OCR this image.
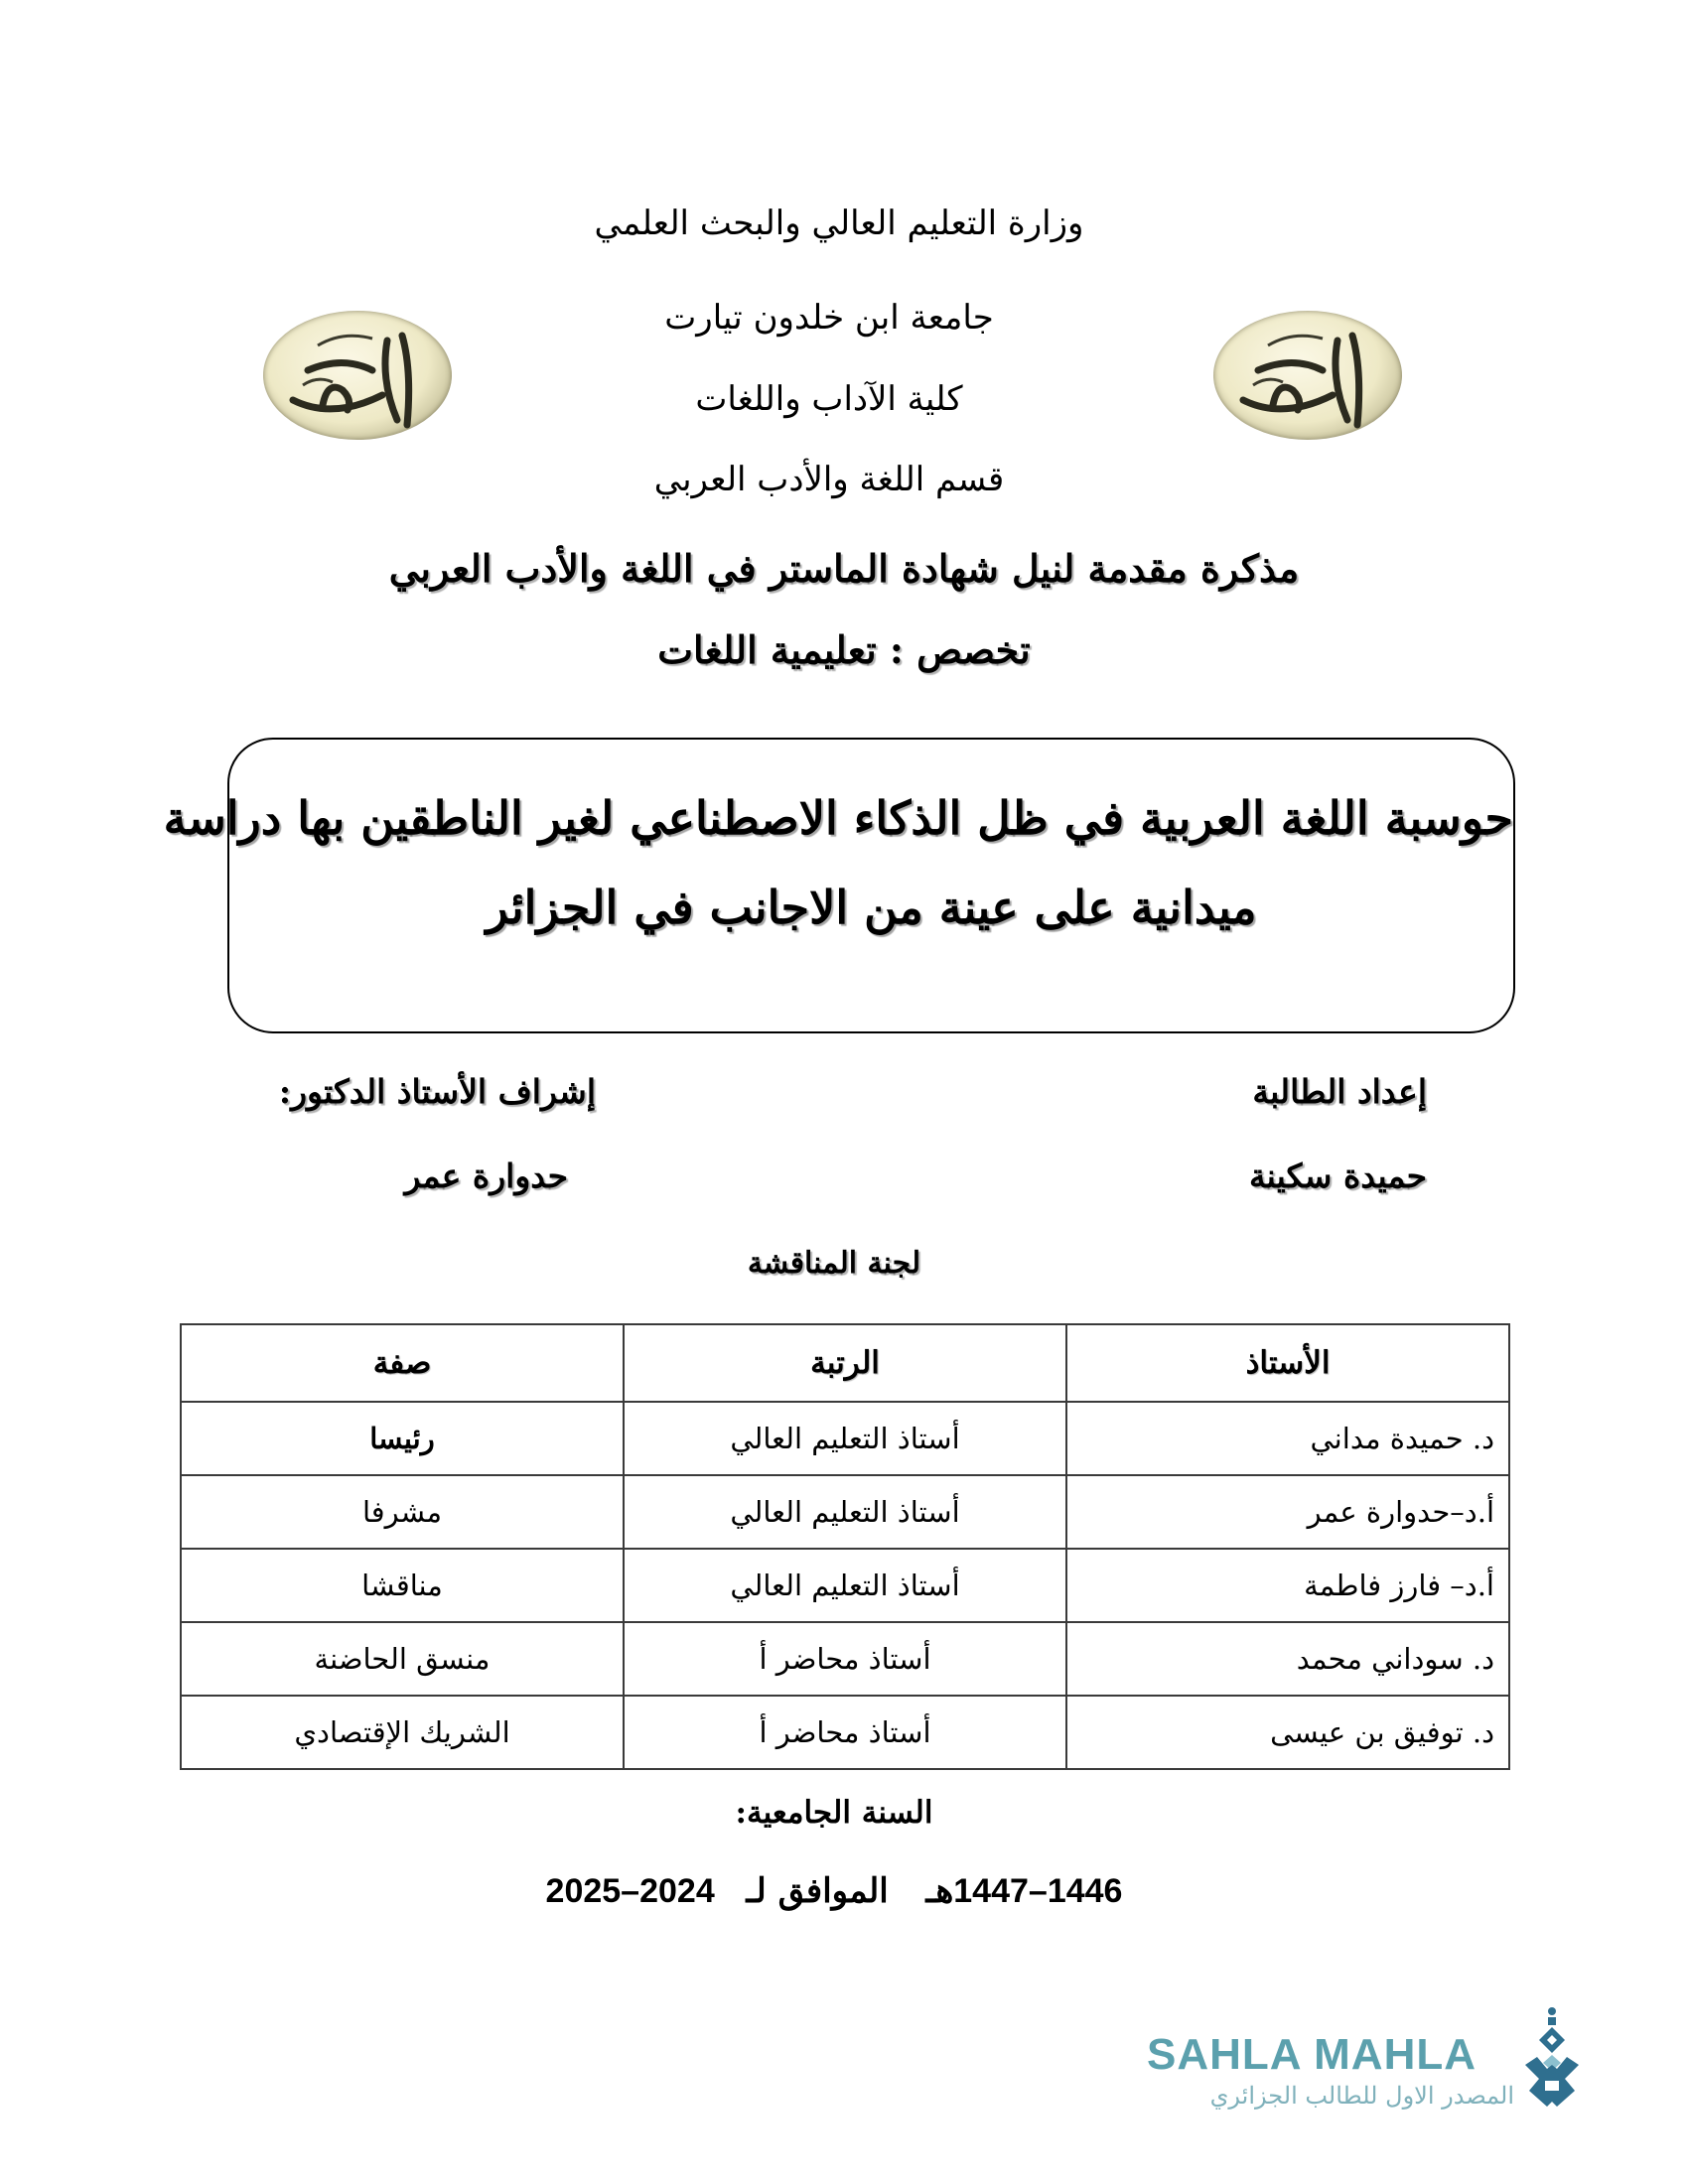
وزارة التعليم العالي والبحث العلمي
جامعة ابن خلدون تيارت
كلية الآداب واللغات
قسم اللغة والأدب العربي
مذكرة مقدمة لنيل شهادة الماستر في اللغة والأدب العربي
تخصص : تعليمية اللغات
حوسبة اللغة العربية في ظل الذكاء الاصطناعي لغير الناطقين بها دراسة
ميدانية على عينة من الاجانب في الجزائر
إعداد الطالبة
حميدة سكينة
إشراف الأستاذ الدكتور:
حدوارة عمر
لجنة المناقشة
الأستاذ	الرتبة	صفة
د. حميدة مداني	أستاذ التعليم العالي	رئيسا
أ.د–حدوارة عمر	أستاذ التعليم العالي	مشرفا
أ.د– فارز فاطمة	أستاذ التعليم العالي	مناقشا
د. سوداني محمد	أستاذ محاضر أ	منسق الحاضنة
د. توفيق بن عيسى	أستاذ محاضر أ	الشريك الإقتصادي
السنة الجامعية:
1446–1447هـ  الموافق لـ  2024–2025
SAHLA MAHLA
المصدر الاول للطالب الجزائري
